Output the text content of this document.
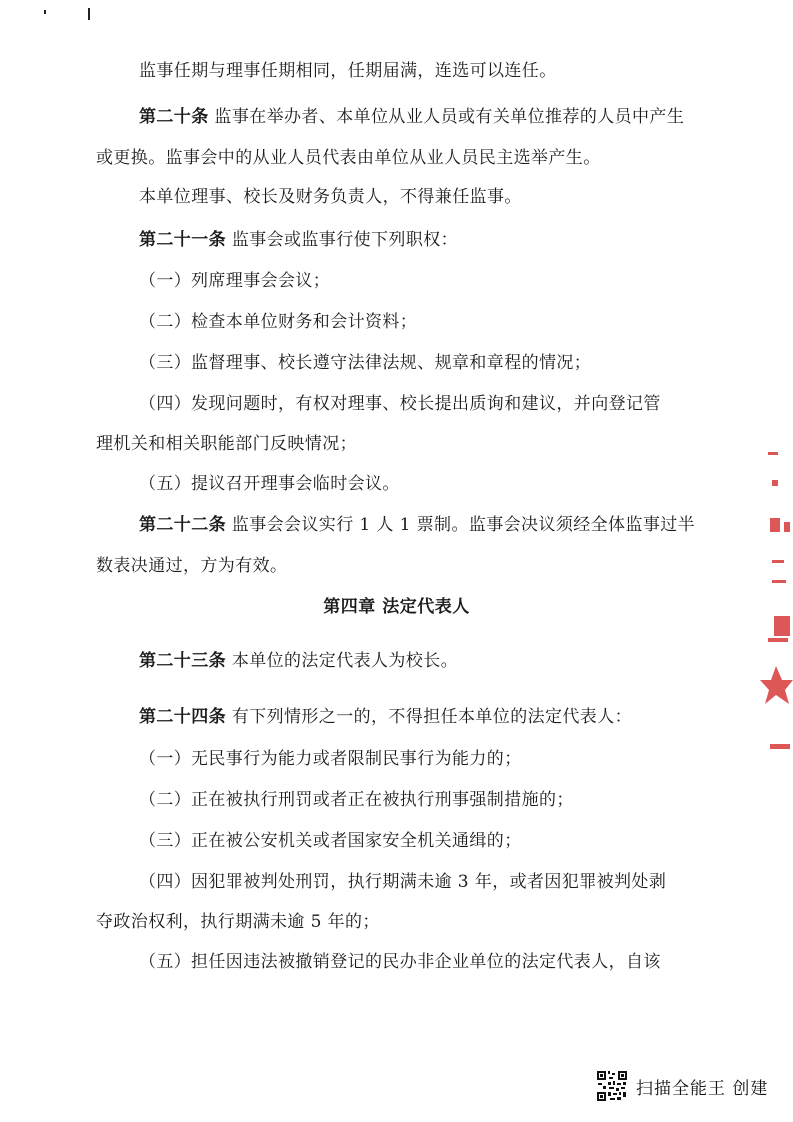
监事任期与理事任期相同，任期届满，连选可以连任。
第二十条 监事在举办者、本单位从业人员或有关单位推荐的人员中产生
或更换。监事会中的从业人员代表由单位从业人员民主选举产生。
本单位理事、校长及财务负责人，不得兼任监事。
第二十一条 监事会或监事行使下列职权：
（一）列席理事会会议；
（二）检查本单位财务和会计资料；
（三）监督理事、校长遵守法律法规、规章和章程的情况；
（四）发现问题时，有权对理事、校长提出质询和建议，并向登记管
理机关和相关职能部门反映情况；
（五）提议召开理事会临时会议。
第二十二条 监事会会议实行 1 人 1 票制。监事会决议须经全体监事过半
数表决通过，方为有效。
第四章 法定代表人
第二十三条 本单位的法定代表人为校长。
第二十四条 有下列情形之一的，不得担任本单位的法定代表人：
（一）无民事行为能力或者限制民事行为能力的；
（二）正在被执行刑罚或者正在被执行刑事强制措施的；
（三）正在被公安机关或者国家安全机关通缉的；
（四）因犯罪被判处刑罚，执行期满未逾 3 年，或者因犯罪被判处剥
夺政治权利，执行期满未逾 5 年的；
（五）担任因违法被撤销登记的民办非企业单位的法定代表人，自该
扫描全能王 创建
